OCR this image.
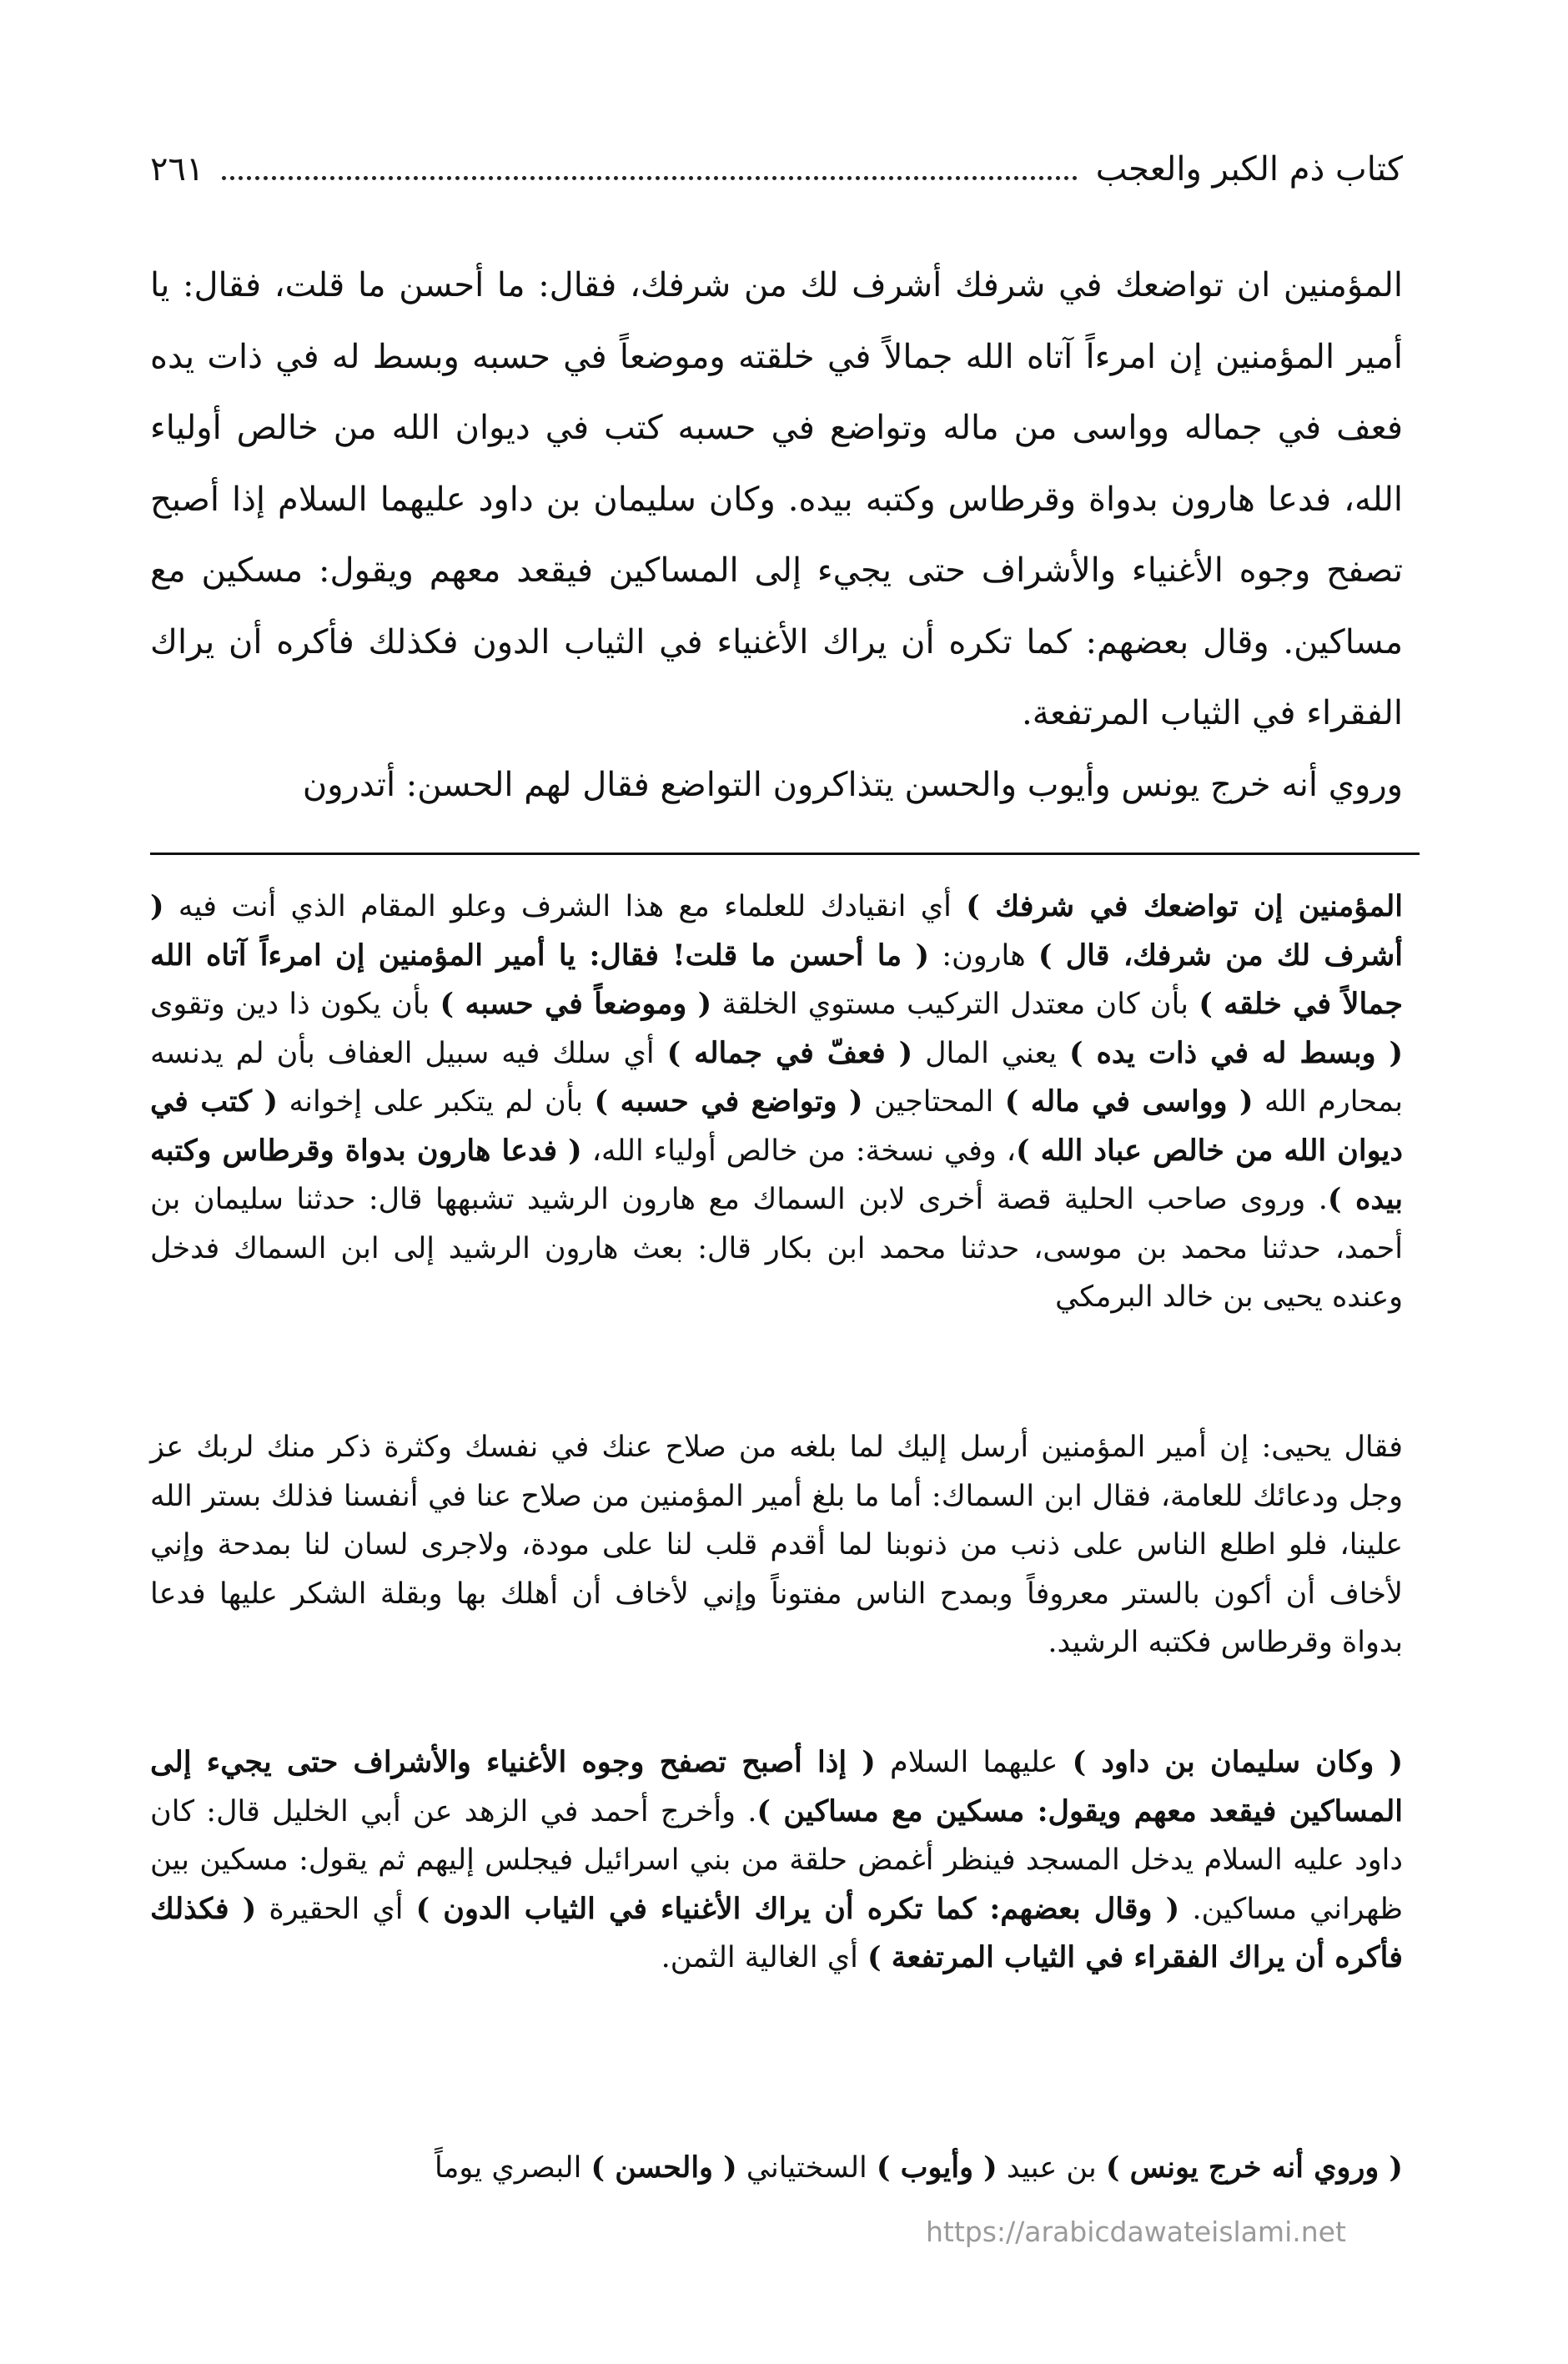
كتاب ذم الكبر والعجب
٢٦١

المؤمنين ان تواضعك في شرفك أشرف لك من شرفك، فقال: ما أحسن ما قلت، فقال: يا أمير المؤمنين إن امرءاً آتاه الله جمالاً في خلقته وموضعاً في حسبه وبسط له في ذات يده فعف في جماله وواسى من ماله وتواضع في حسبه كتب في ديوان الله من خالص أولياء الله، فدعا هارون بدواة وقرطاس وكتبه بيده. وكان سليمان بن داود عليهما السلام إذا أصبح تصفح وجوه الأغنياء والأشراف حتى يجيء إلى المساكين فيقعد معهم ويقول: مسكين مع مساكين. وقال بعضهم: كما تكره أن يراك الأغنياء في الثياب الدون فكذلك فأكره أن يراك الفقراء في الثياب المرتفعة.

وروي أنه خرج يونس وأيوب والحسن يتذاكرون التواضع فقال لهم الحسن: أتدرون

المؤمنين إن تواضعك في شرفك ) أي انقيادك للعلماء مع هذا الشرف وعلو المقام الذي أنت فيه ( أشرف لك من شرفك، قال ) هارون: ( ما أحسن ما قلت! فقال: يا أمير المؤمنين إن امرءاً آتاه الله جمالاً في خلقه ) بأن كان معتدل التركيب مستوي الخلقة ( وموضعاً في حسبه ) بأن يكون ذا دين وتقوى ( وبسط له في ذات يده ) يعني المال ( فعفّ في جماله ) أي سلك فيه سبيل العفاف بأن لم يدنسه بمحارم الله ( وواسى في ماله ) المحتاجين ( وتواضع في حسبه ) بأن لم يتكبر على إخوانه ( كتب في ديوان الله من خالص عباد الله )، وفي نسخة: من خالص أولياء الله، ( فدعا هارون بدواة وقرطاس وكتبه بيده ). وروى صاحب الحلية قصة أخرى لابن السماك مع هارون الرشيد تشبهها قال: حدثنا سليمان بن أحمد، حدثنا محمد بن موسى، حدثنا محمد ابن بكار قال: بعث هارون الرشيد إلى ابن السماك فدخل وعنده يحيى بن خالد البرمكي

فقال يحيى: إن أمير المؤمنين أرسل إليك لما بلغه من صلاح عنك في نفسك وكثرة ذكر منك لربك عز وجل ودعائك للعامة، فقال ابن السماك: أما ما بلغ أمير المؤمنين من صلاح عنا في أنفسنا فذلك بستر الله علينا، فلو اطلع الناس على ذنب من ذنوبنا لما أقدم قلب لنا على مودة، ولاجرى لسان لنا بمدحة وإني لأخاف أن أكون بالستر معروفاً وبمدح الناس مفتوناً وإني لأخاف أن أهلك بها وبقلة الشكر عليها فدعا بدواة وقرطاس فكتبه الرشيد.

( وكان سليمان بن داود ) عليهما السلام ( إذا أصبح تصفح وجوه الأغنياء والأشراف حتى يجيء إلى المساكين فيقعد معهم ويقول: مسكين مع مساكين ). وأخرج أحمد في الزهد عن أبي الخليل قال: كان داود عليه السلام يدخل المسجد فينظر أغمض حلقة من بني اسرائيل فيجلس إليهم ثم يقول: مسكين بين ظهراني مساكين. ( وقال بعضهم: كما تكره أن يراك الأغنياء في الثياب الدون ) أي الحقيرة ( فكذلك فأكره أن يراك الفقراء في الثياب المرتفعة ) أي الغالية الثمن.

( وروي أنه خرج يونس ) بن عبيد ( وأيوب ) السختياني ( والحسن ) البصري يوماً

https://arabicdawateislami.net
